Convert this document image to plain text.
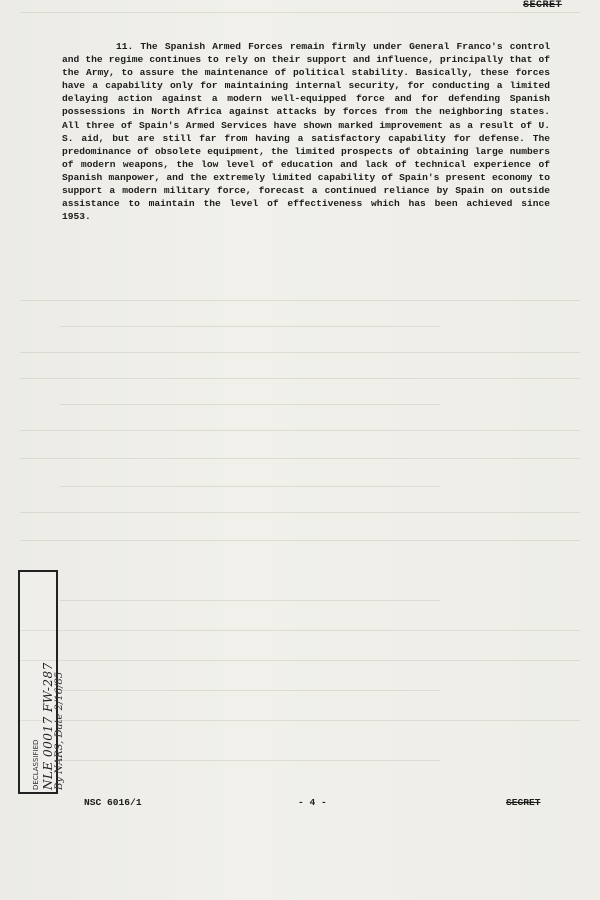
SECRET
11. The Spanish Armed Forces remain firmly under General Franco's control and the regime continues to rely on their support and influence, principally that of the Army, to assure the maintenance of political stability. Basically, these forces have a capability only for maintaining internal security, for conducting a limited delaying action against a modern well-equipped force and for defending Spanish possessions in North Africa against attacks by forces from the neighboring states. All three of Spain's Armed Services have shown marked improvement as a result of U. S. aid, but are still far from having a satisfactory capability for defense. The predominance of obsolete equipment, the limited prospects of obtaining large numbers of modern weapons, the low level of education and lack of technical experience of Spanish manpower, and the extremely limited capability of Spain's present economy to support a modern military force, forecast a continued reliance by Spain on outside assistance to maintain the level of effectiveness which has been achieved since 1953.
DECLASSIFIED NLE 00017 FW-287 By NARS, Date 2/16/85
NSC 6016/1	- 4 -	SECRET
